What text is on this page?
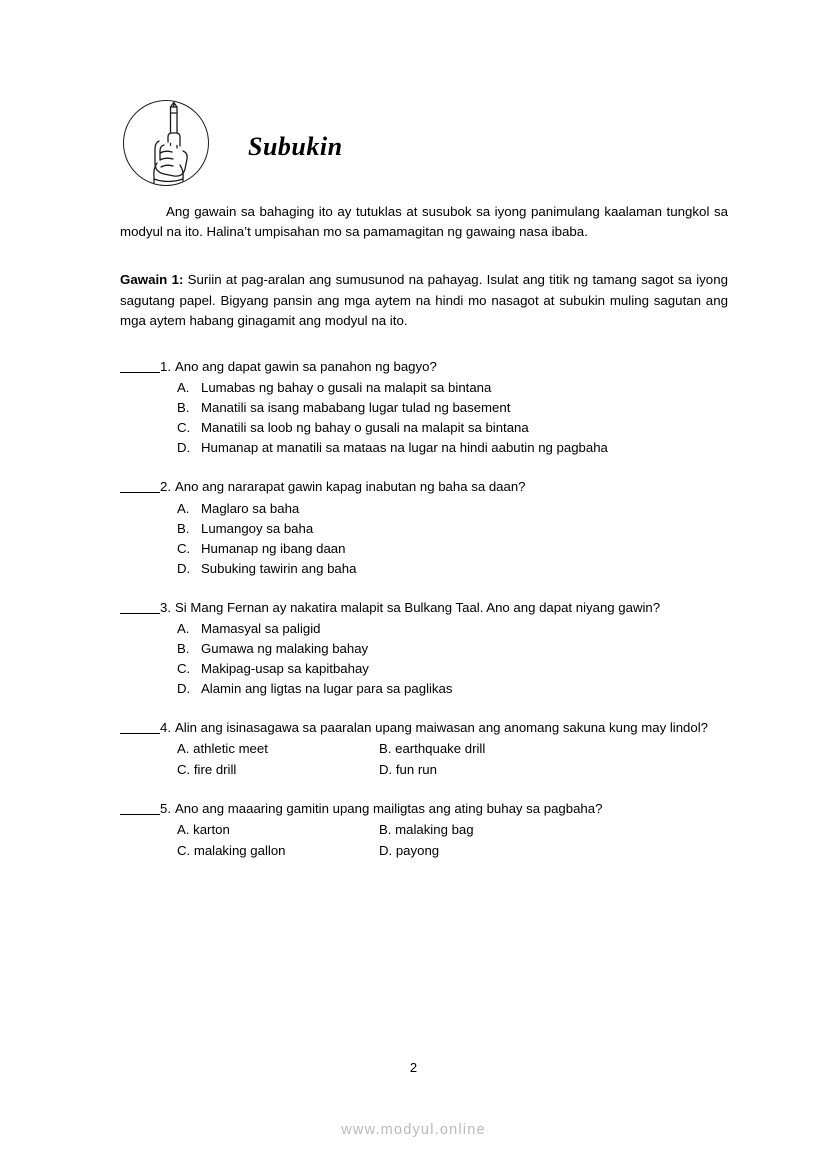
Subukin

Ang gawain sa bahaging ito ay tutuklas at susubok sa iyong panimulang kaalaman tungkol sa modyul na ito. Halina’t umpisahan mo sa pamamagitan ng gawaing nasa ibaba.

Gawain 1: Suriin at pag-aralan ang sumusunod na pahayag. Isulat ang titik ng tamang sagot sa iyong sagutang papel. Bigyang pansin ang mga aytem na hindi mo nasagot at subukin muling sagutan ang mga aytem habang ginagamit ang modyul na ito.

1. Ano ang dapat gawin sa panahon ng bagyo?
A. Lumabas ng bahay o gusali na malapit sa bintana
B. Manatili sa isang mababang lugar tulad ng basement
C. Manatili sa loob ng bahay o gusali na malapit sa bintana
D. Humanap at manatili sa mataas na lugar na hindi aabutin ng pagbaha
2. Ano ang nararapat gawin kapag inabutan ng baha sa daan?
A. Maglaro sa baha
B. Lumangoy sa baha
C. Humanap ng ibang daan
D. Subuking tawirin ang baha
3. Si Mang Fernan ay nakatira malapit sa Bulkang Taal. Ano ang dapat niyang gawin?
A. Mamasyal sa paligid
B. Gumawa ng malaking bahay
C. Makipag-usap sa kapitbahay
D. Alamin ang ligtas na lugar para sa paglikas
4. Alin ang isinasagawa sa paaralan upang maiwasan ang anomang sakuna kung may lindol?
A. athletic meet	B. earthquake drill
C. fire drill	D. fun run
5. Ano ang maaaring gamitin upang mailigtas ang ating buhay sa pagbaha?
A. karton	B. malaking bag
C. malaking gallon	D. payong
2
www.modyul.online
